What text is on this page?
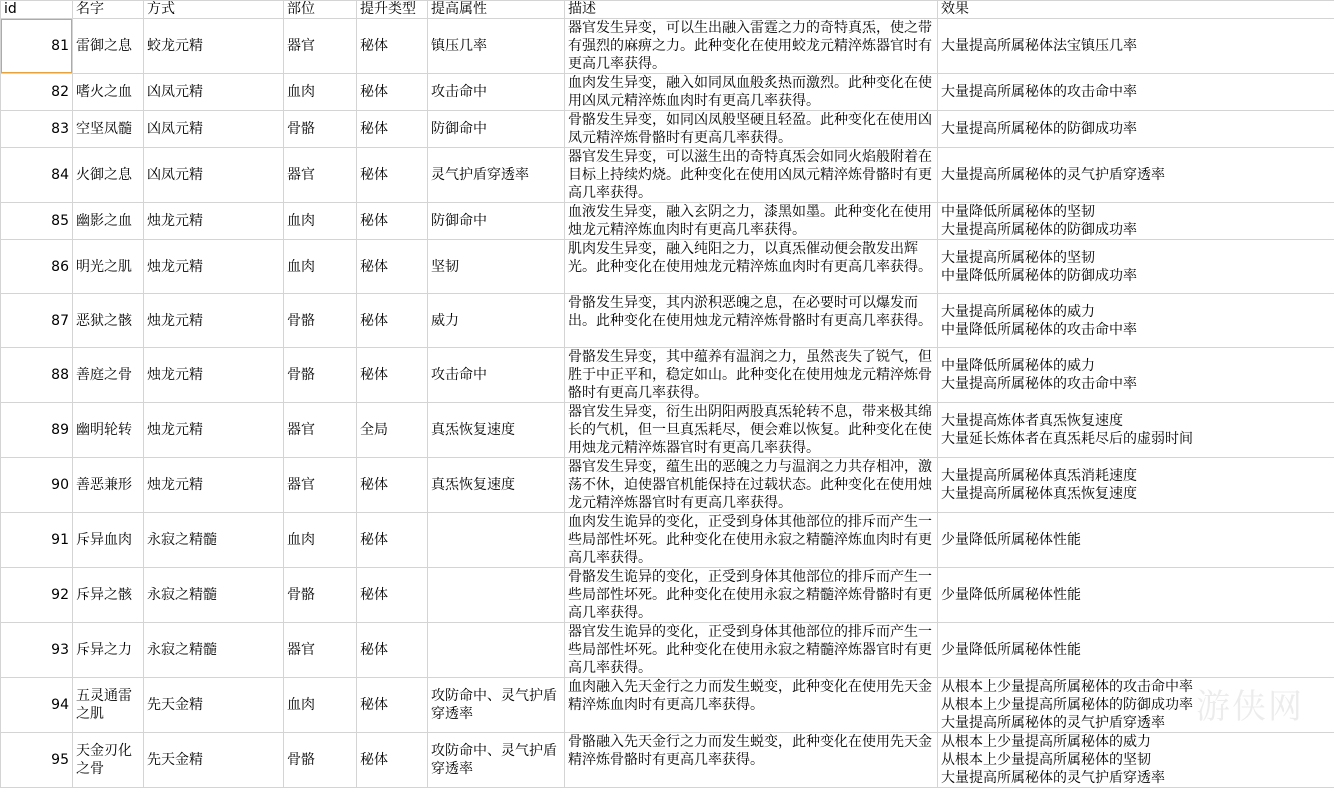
id	名字	方式	部位	提升类型	提高属性	描述	效果
81	雷御之息	蛟龙元精	器官	秘体	镇压几率	器官发生异变，可以生出融入雷霆之力的奇特真炁，使之带有强烈的麻痹之力。此种变化在使用蛟龙元精淬炼器官时有更高几率获得。	大量提高所属秘体法宝镇压几率
82	嗜火之血	凶凤元精	血肉	秘体	攻击命中	血肉发生异变，融入如同凤血般炙热而激烈。此种变化在使用凶凤元精淬炼血肉时有更高几率获得。	大量提高所属秘体的攻击命中率
83	空坚凤髓	凶凤元精	骨骼	秘体	防御命中	骨骼发生异变，如同凶凤般坚硬且轻盈。此种变化在使用凶凤元精淬炼骨骼时有更高几率获得。	大量提高所属秘体的防御成功率
84	火御之息	凶凤元精	器官	秘体	灵气护盾穿透率	器官发生异变，可以滋生出的奇特真炁会如同火焰般附着在目标上持续灼烧。此种变化在使用凶凤元精淬炼骨骼时有更高几率获得。	大量提高所属秘体的灵气护盾穿透率
85	幽影之血	烛龙元精	血肉	秘体	防御命中	血液发生异变，融入玄阴之力，漆黑如墨。此种变化在使用烛龙元精淬炼血肉时有更高几率获得。	中量降低所属秘体的坚韧
大量提高所属秘体的防御成功率
86	明光之肌	烛龙元精	血肉	秘体	坚韧	肌肉发生异变，融入纯阳之力，以真炁催动便会散发出辉光。此种变化在使用烛龙元精淬炼血肉时有更高几率获得。	大量提高所属秘体的坚韧
中量降低所属秘体的防御成功率
87	恶狱之骸	烛龙元精	骨骼	秘体	威力	骨骼发生异变，其内淤积恶魄之息，在必要时可以爆发而出。此种变化在使用烛龙元精淬炼骨骼时有更高几率获得。	大量提高所属秘体的威力
中量降低所属秘体的攻击命中率
88	善庭之骨	烛龙元精	骨骼	秘体	攻击命中	骨骼发生异变，其中蕴养有温润之力，虽然丧失了锐气，但胜于中正平和，稳定如山。此种变化在使用烛龙元精淬炼骨骼时有更高几率获得。	中量降低所属秘体的威力
大量提高所属秘体的攻击命中率
89	幽明轮转	烛龙元精	器官	全局	真炁恢复速度	器官发生异变，衍生出阴阳两股真炁轮转不息，带来极其绵长的气机，但一旦真炁耗尽，便会难以恢复。此种变化在使用烛龙元精淬炼器官时有更高几率获得。	大量提高炼体者真炁恢复速度
大量延长炼体者在真炁耗尽后的虚弱时间
90	善恶兼形	烛龙元精	器官	秘体	真炁恢复速度	器官发生异变，蕴生出的恶魄之力与温润之力共存相冲，激荡不休，迫使器官机能保持在过载状态。此种变化在使用烛龙元精淬炼器官时有更高几率获得。	大量提高所属秘体真炁消耗速度
大量提高所属秘体真炁恢复速度
91	斥异血肉	永寂之精髓	血肉	秘体		血肉发生诡异的变化，正受到身体其他部位的排斥而产生一些局部性坏死。此种变化在使用永寂之精髓淬炼血肉时有更高几率获得。	少量降低所属秘体性能
92	斥异之骸	永寂之精髓	骨骼	秘体		骨骼发生诡异的变化，正受到身体其他部位的排斥而产生一些局部性坏死。此种变化在使用永寂之精髓淬炼骨骼时有更高几率获得。	少量降低所属秘体性能
93	斥异之力	永寂之精髓	器官	秘体		器官发生诡异的变化，正受到身体其他部位的排斥而产生一些局部性坏死。此种变化在使用永寂之精髓淬炼器官时有更高几率获得。	少量降低所属秘体性能
94	五灵通雷之肌	先天金精	血肉	秘体	攻防命中、灵气护盾穿透率	血肉融入先天金行之力而发生蜕变，此种变化在使用先天金精淬炼血肉时有更高几率获得。	从根本上少量提高所属秘体的攻击命中率
从根本上少量提高所属秘体的防御成功率
大量提高所属秘体的灵气护盾穿透率
95	天金刃化之骨	先天金精	骨骼	秘体	攻防命中、灵气护盾穿透率	骨骼融入先天金行之力而发生蜕变，此种变化在使用先天金精淬炼骨骼时有更高几率获得。	从根本上少量提高所属秘体的威力
从根本上少量提高所属秘体的坚韧
大量提高所属秘体的灵气护盾穿透率
游侠网
